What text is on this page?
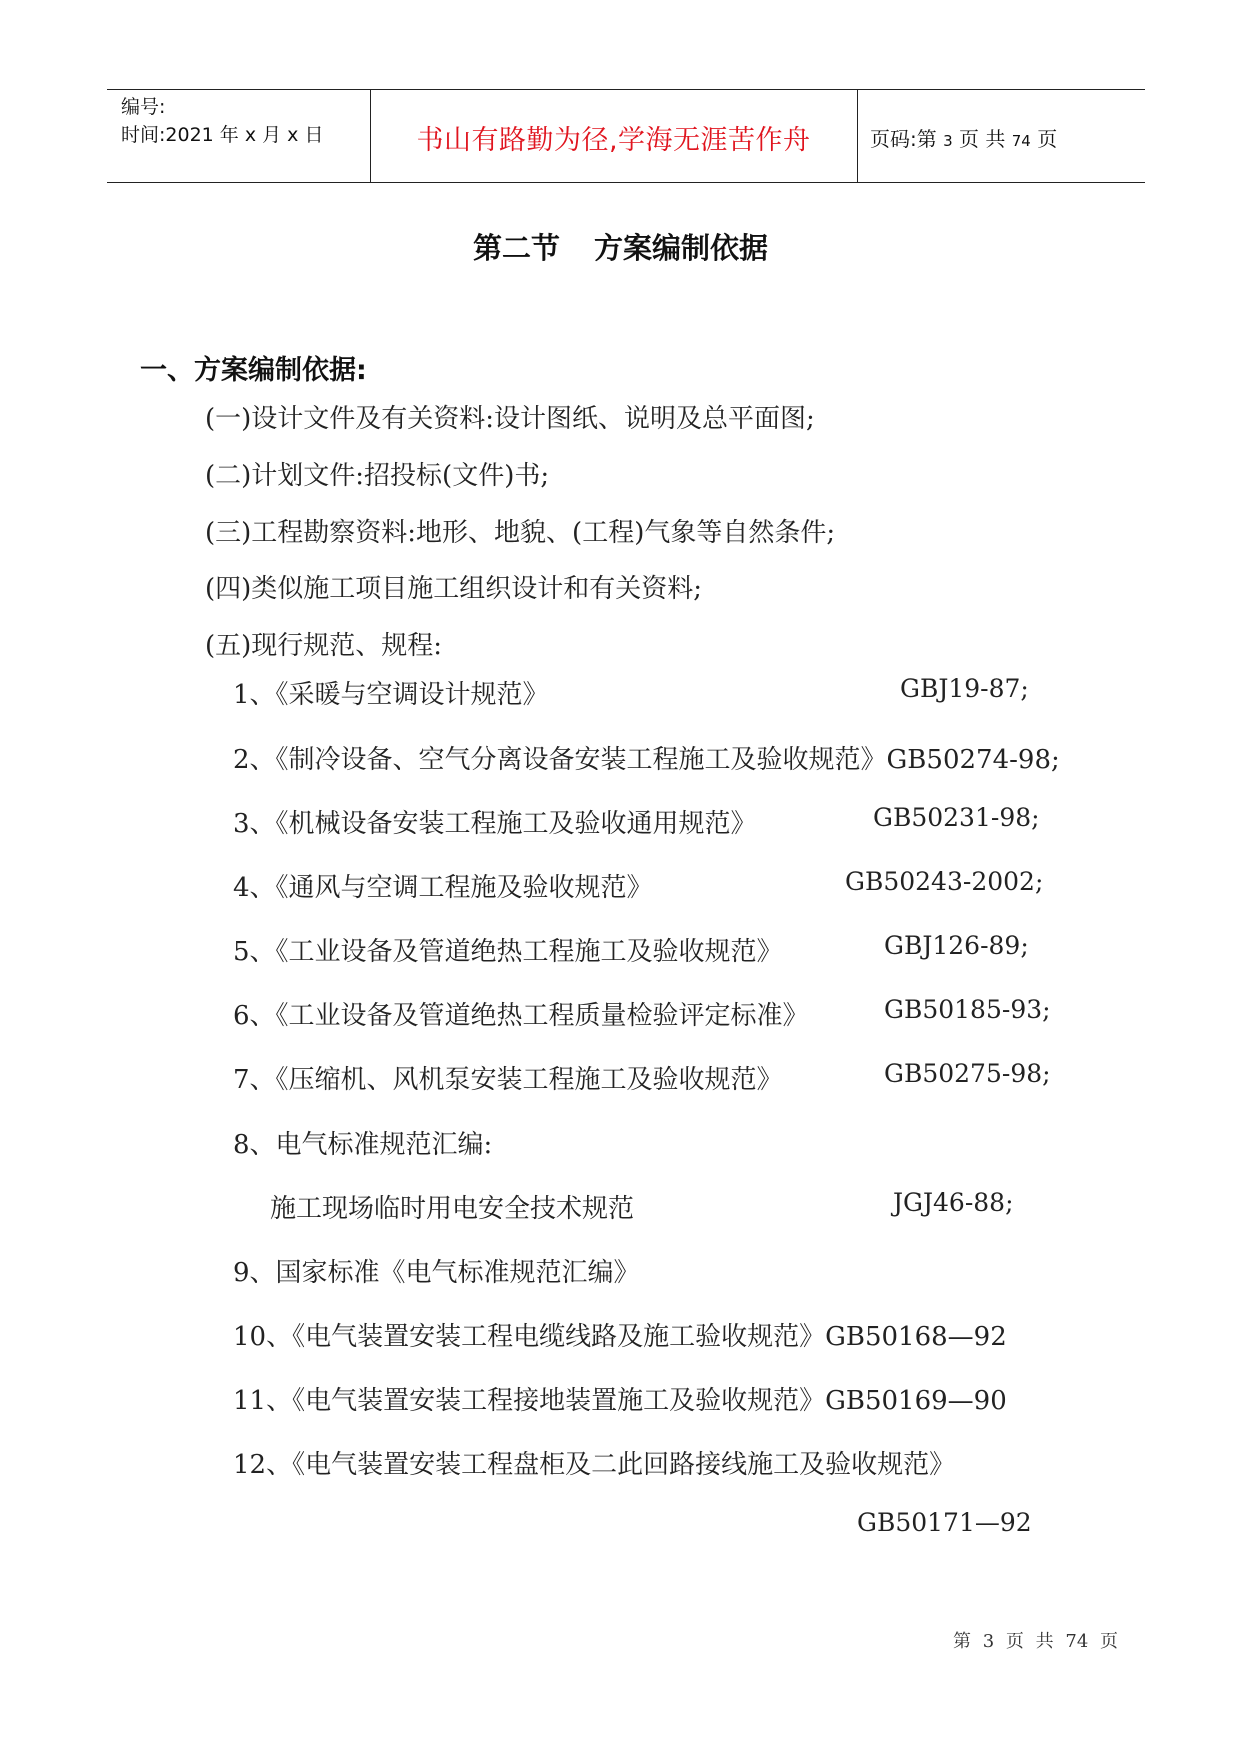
编号:
时间:2021 年 x 月 x 日	书山有路勤为径,学海无涯苦作舟	页码:第 3 页 共 74 页
第二节 方案编制依据
一、方案编制依据:
(一)设计文件及有关资料:设计图纸、说明及总平面图;
(二)计划文件:招投标(文件)书;
(三)工程勘察资料:地形、地貌、(工程)气象等自然条件;
(四)类似施工项目施工组织设计和有关资料;
(五)现行规范、规程:
1、《采暖与空调设计规范》	GBJ19-87;
2、《制冷设备、空气分离设备安装工程施工及验收规范》GB50274-98;
3、《机械设备安装工程施工及验收通用规范》	GB50231-98;
4、《通风与空调工程施及验收规范》	GB50243-2002;
5、《工业设备及管道绝热工程施工及验收规范》	GBJ126-89;
6、《工业设备及管道绝热工程质量检验评定标准》	GB50185-93;
7、《压缩机、风机泵安装工程施工及验收规范》	GB50275-98;
8、电气标准规范汇编:
施工现场临时用电安全技术规范	JGJ46-88;
9、国家标准《电气标准规范汇编》
10、《电气装置安装工程电缆线路及施工验收规范》GB50168—92
11、《电气装置安装工程接地装置施工及验收规范》GB50169—90
12、《电气装置安装工程盘柜及二此回路接线施工及验收规范》
GB50171—92
第 3 页 共 74 页
